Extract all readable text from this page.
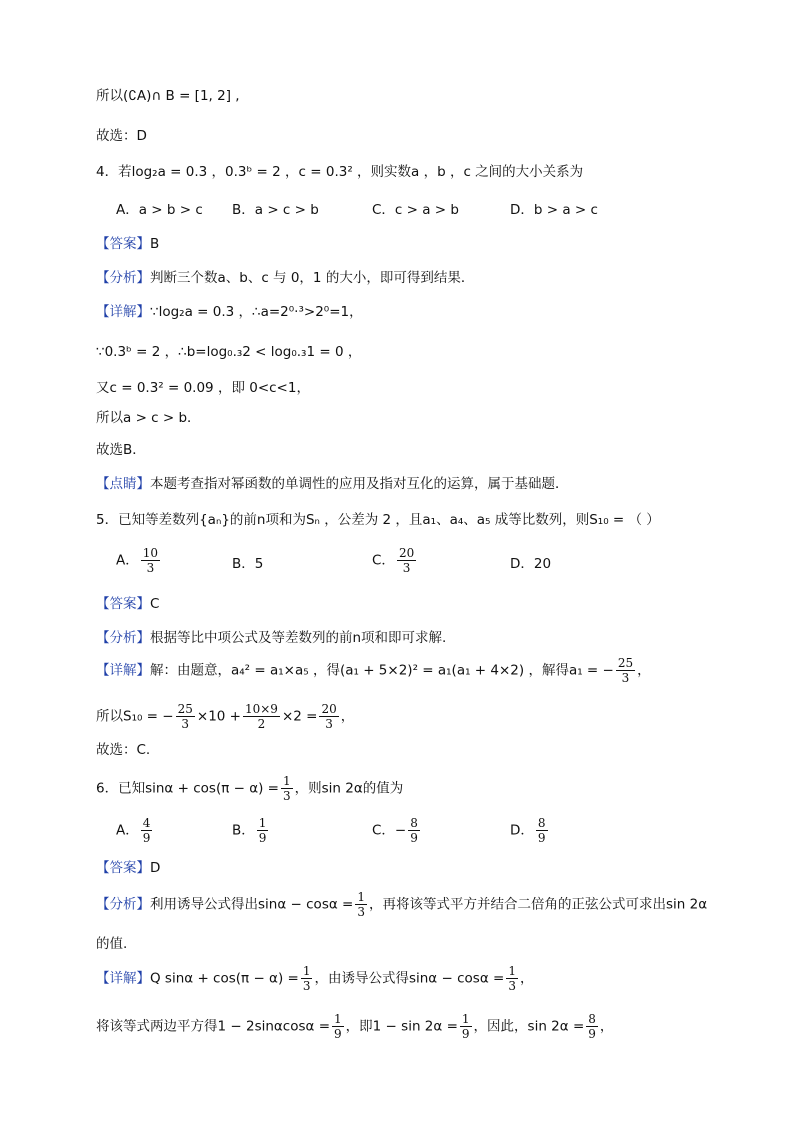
所以(∁A)∩ B = [1, 2] ,
故选：D
4．若log₂a = 0.3 ，0.3ᵇ = 2 ，c = 0.3² ，则实数a ，b ，c 之间的大小关系为
A．a > b > c B．a > c > b	C．c > a > b	D．b > a > c
【答案】B
【分析】判断三个数a、b、c 与 0，1 的大小，即可得到结果．
【详解】∵log₂a = 0.3 ，∴a=2⁰·³>2⁰=1，
∵0.3ᵇ = 2 ，∴b=log₀.₃2 < log₀.₃1 = 0 ，
又c = 0.3² = 0.09 ，即 0<c<1，
所以a > c > b．
故选B．
【点睛】本题考查指对幂函数的单调性的应用及指对互化的运算，属于基础题．
5．已知等差数列{aₙ}的前n项和为Sₙ ，公差为 2 ，且a₁、a₄、a₅ 成等比数列，则S₁₀ = （ ）
A． $\frac{10}{3}$	B．5	C． $\frac{20}{3}$	D．20
【答案】C
【分析】根据等比中项公式及等差数列的前n项和即可求解.
【详解】解：由题意，a₄² = a₁×a₅ ，得(a₁ + 5×2)² = a₁(a₁ + 4×2) ，解得a₁ = − $\frac{25}{3}$ ，
所以S₁₀ = − $\frac{25}{3} \times 10 + \frac{10\times 9}{2} \times 2 = \frac{20}{3}$ ，
故选：C.
6．已知$\sin\alpha + \cos(\pi - \alpha) = \frac{1}{3}$ ，则sin 2α的值为
A． $\frac{4}{9}$	B． $\frac{1}{9}$	C．− $\frac{8}{9}$	D． $\frac{8}{9}$
【答案】D
【分析】利用诱导公式得出$\sin\alpha - \cos\alpha = \frac{1}{3}$ ，再将该等式平方并结合二倍角的正弦公式可求出sin 2α
的值.
【详解】Q $\sin\alpha + \cos(\pi - \alpha) = \frac{1}{3}$ ，由诱导公式得$\sin\alpha - \cos\alpha = \frac{1}{3}$ ，
将该等式两边平方得$1 - 2\sin\alpha\cos\alpha = \frac{1}{9}$ ，即$1 - \sin 2\alpha = \frac{1}{9}$ ，因此，$\sin 2\alpha = \frac{8}{9}$ ，
